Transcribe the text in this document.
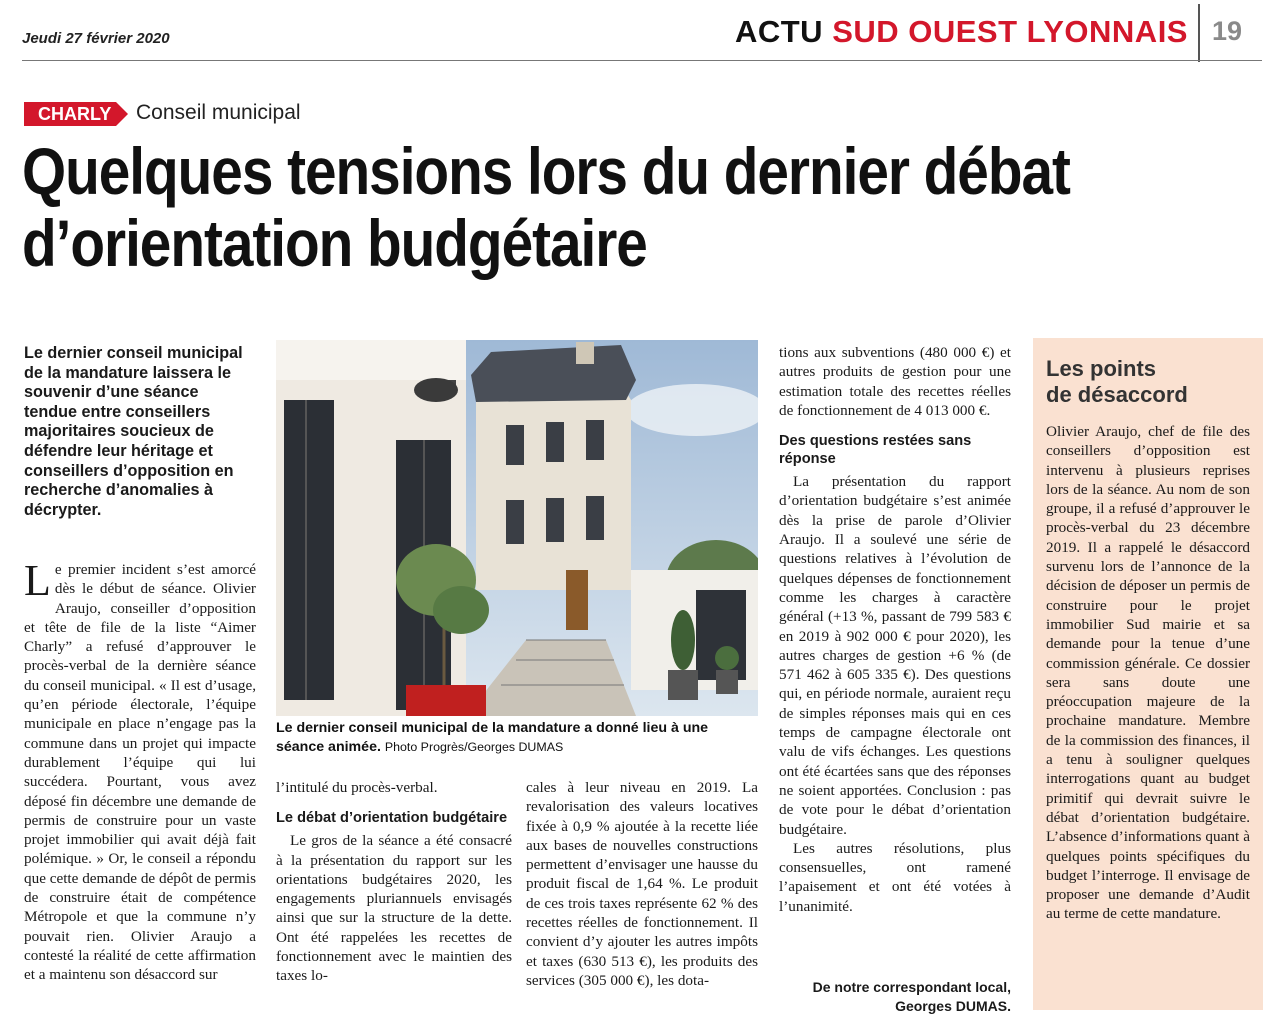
Jeudi 27 février 2020	ACTU SUD OUEST LYONNAIS 19
CHARLY Conseil municipal
Quelques tensions lors du dernier débat d’orientation budgétaire

Le dernier conseil municipal de la mandature laissera le souvenir d’une séance tendue entre conseillers majoritaires soucieux de défendre leur héritage et conseillers d’opposition en recherche d’anomalies à décrypter.

Le premier incident s’est amorcé dès le début de séance. Olivier Araujo, conseiller d’opposition et tête de file de la liste “Aimer Charly” a refusé d’approuver le procès-verbal de la dernière séance du conseil municipal. « Il est d’usage, qu’en période électorale, l’équipe municipale en place n’engage pas la commune dans un projet qui impacte durablement l’équipe qui lui succédera. Pourtant, vous avez déposé fin décembre une demande de permis de construire pour un vaste projet immobilier qui avait déjà fait polémique. » Or, le conseil a répondu que cette demande de dépôt de permis de construire était de compétence Métropole et que la commune n’y pouvait rien. Olivier Araujo a contesté la réalité de cette affirmation et a maintenu son désaccord sur

Le dernier conseil municipal de la mandature a donné lieu à une séance animée. Photo Progrès/Georges DUMAS

l’intitulé du procès-verbal.

Le débat d’orientation budgétaire

Le gros de la séance a été consacré à la présentation du rapport sur les orientations budgétaires 2020, les engagements pluriannuels envisagés ainsi que sur la structure de la dette. Ont été rappelées les recettes de fonctionnement avec le maintien des taxes lo-

cales à leur niveau en 2019. La revalorisation des valeurs locatives fixée à 0,9 % ajoutée à la recette liée aux bases de nouvelles constructions permettent d’envisager une hausse du produit fiscal de 1,64 %. Le produit de ces trois taxes représente 62 % des recettes réelles de fonctionnement. Il convient d’y ajouter les autres impôts et taxes (630 513 €), les produits des services (305 000 €), les dota-

tions aux subventions (480 000 €) et autres produits de gestion pour une estimation totale des recettes réelles de fonctionnement de 4 013 000 €.

Des questions restées sans réponse

La présentation du rapport d’orientation budgétaire s’est animée dès la prise de parole d’Olivier Araujo. Il a soulevé une série de questions relatives à l’évolution de quelques dépenses de fonctionnement comme les charges à caractère général (+13 %, passant de 799 583 € en 2019 à 902 000 € pour 2020), les autres charges de gestion +6 % (de 571 462 à 605 335 €). Des questions qui, en période normale, auraient reçu de simples réponses mais qui en ces temps de campagne électorale ont valu de vifs échanges. Les questions ont été écartées sans que des réponses ne soient apportées. Conclusion : pas de vote pour le débat d’orientation budgétaire.

Les autres résolutions, plus consensuelles, ont ramené l’apaisement et ont été votées à l’unanimité.

De notre correspondant local,
Georges DUMAS.

Les points
de désaccord

Olivier Araujo, chef de file des conseillers d’opposition est intervenu à plusieurs reprises lors de la séance. Au nom de son groupe, il a refusé d’approuver le procès-verbal du 23 décembre 2019. Il a rappelé le désaccord survenu lors de l’annonce de la décision de déposer un permis de construire pour le projet immobilier Sud mairie et sa demande pour la tenue d’une commission générale. Ce dossier sera sans doute une préoccupation majeure de la prochaine mandature. Membre de la commission des finances, il a tenu à souligner quelques interrogations quant au budget primitif qui devrait suivre le débat d’orientation budgétaire. L’absence d’informations quant à quelques points spécifiques du budget l’interroge. Il envisage de proposer une demande d’Audit au terme de cette mandature.
